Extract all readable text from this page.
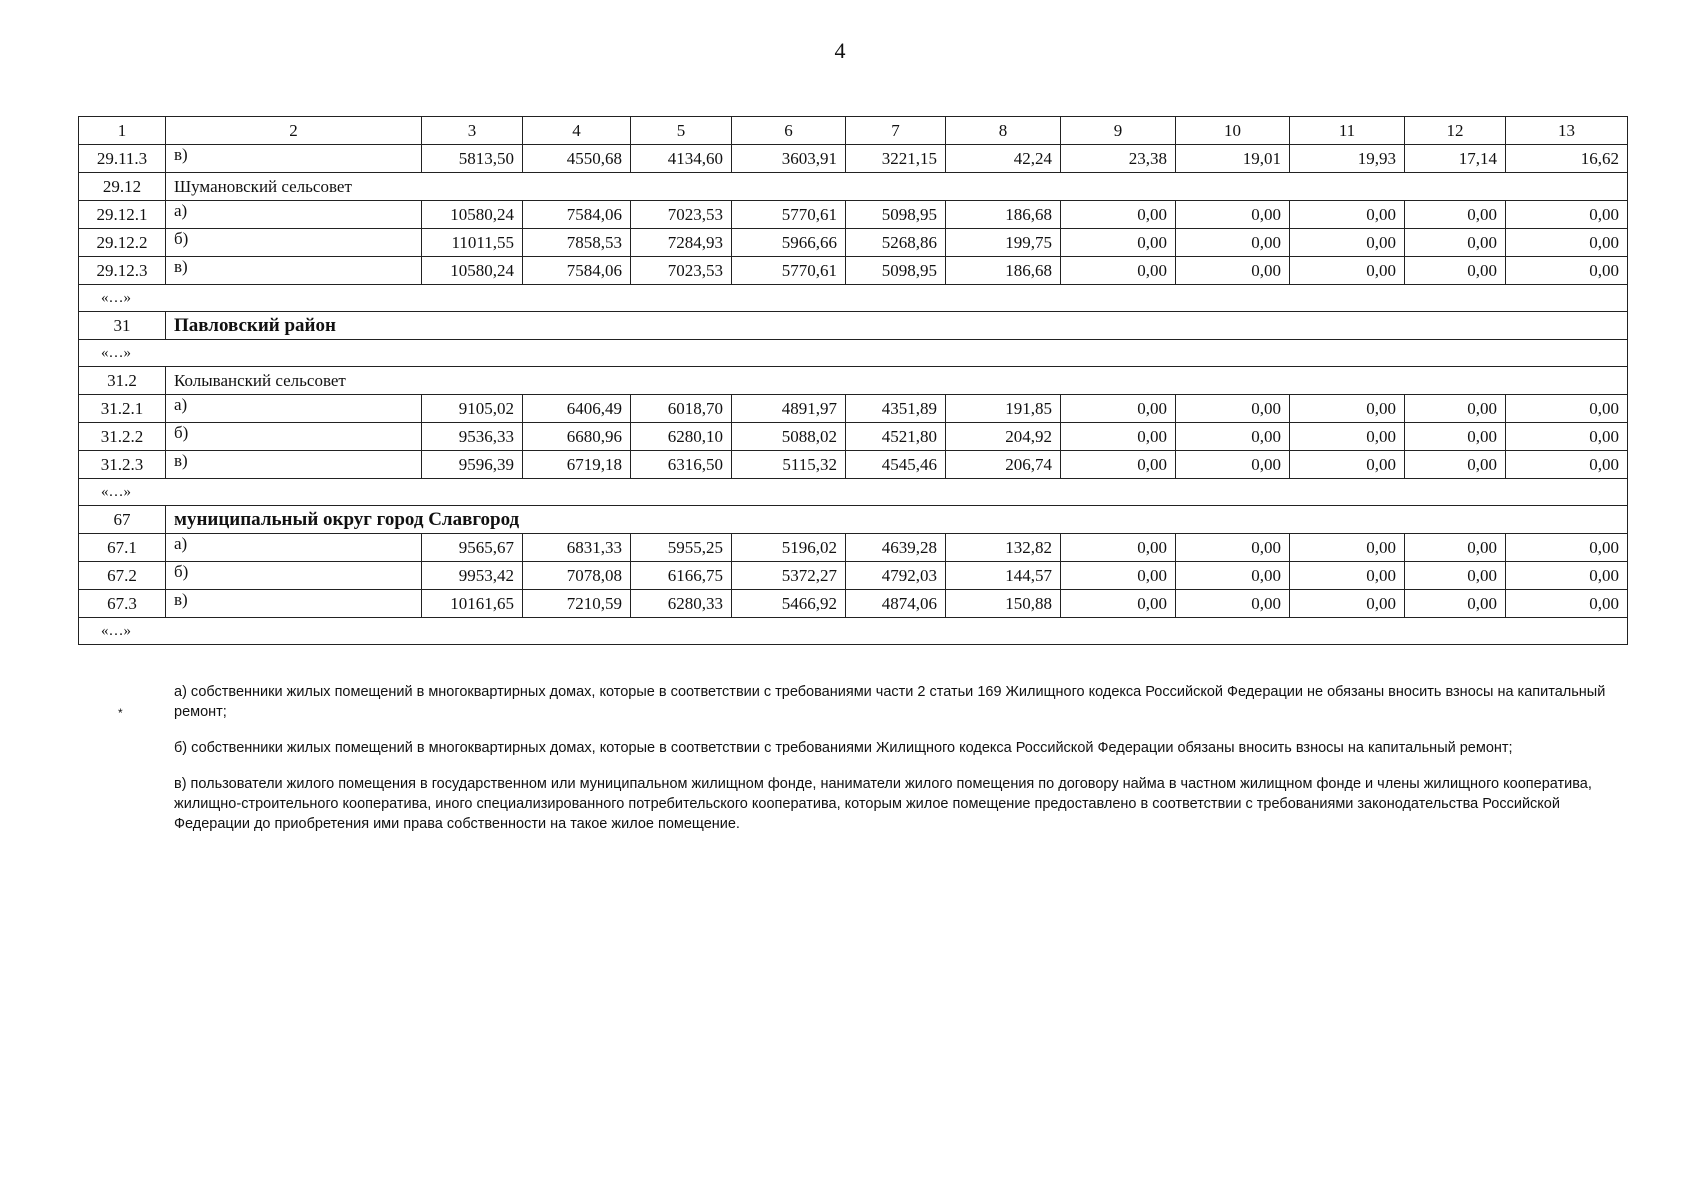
4
1	2	3	4	5	6	7	8	9	10	11	12	13
29.11.3	в)	5813,50	4550,68	4134,60	3603,91	3221,15	42,24	23,38	19,01	19,93	17,14	16,62
29.12	Шумановский сельсовет											
29.12.1	а)	10580,24	7584,06	7023,53	5770,61	5098,95	186,68	0,00	0,00	0,00	0,00	0,00
29.12.2	б)	11011,55	7858,53	7284,93	5966,66	5268,86	199,75	0,00	0,00	0,00	0,00	0,00
29.12.3	в)	10580,24	7584,06	7023,53	5770,61	5098,95	186,68	0,00	0,00	0,00	0,00	0,00
«…»												
31	Павловский район											
«…»												
31.2	Колыванский сельсовет											
31.2.1	а)	9105,02	6406,49	6018,70	4891,97	4351,89	191,85	0,00	0,00	0,00	0,00	0,00
31.2.2	б)	9536,33	6680,96	6280,10	5088,02	4521,80	204,92	0,00	0,00	0,00	0,00	0,00
31.2.3	в)	9596,39	6719,18	6316,50	5115,32	4545,46	206,74	0,00	0,00	0,00	0,00	0,00
«…»												
67	муниципальный округ город Славгород											
67.1	а)	9565,67	6831,33	5955,25	5196,02	4639,28	132,82	0,00	0,00	0,00	0,00	0,00
67.2	б)	9953,42	7078,08	6166,75	5372,27	4792,03	144,57	0,00	0,00	0,00	0,00	0,00
67.3	в)	10161,65	7210,59	6280,33	5466,92	4874,06	150,88	0,00	0,00	0,00	0,00	0,00
«…»												
*

а) собственники жилых помещений в многоквартирных домах, которые в соответствии с требованиями части 2 статьи 169 Жилищного кодекса Российской Федерации не обязаны вносить взносы на капитальный ремонт;

б) собственники жилых помещений в многоквартирных домах, которые в соответствии с требованиями Жилищного кодекса Российской Федерации обязаны вносить взносы на капитальный ремонт;

в) пользователи жилого помещения в государственном или муниципальном жилищном фонде, наниматели жилого помещения по договору найма в частном жилищном фонде и члены жилищного кооператива, жилищно-строительного кооператива, иного специализированного потребительского кооператива, которым жилое помещение предоставлено в соответствии с требованиями законодательства Российской Федерации до приобретения ими права собственности на такое жилое помещение.
